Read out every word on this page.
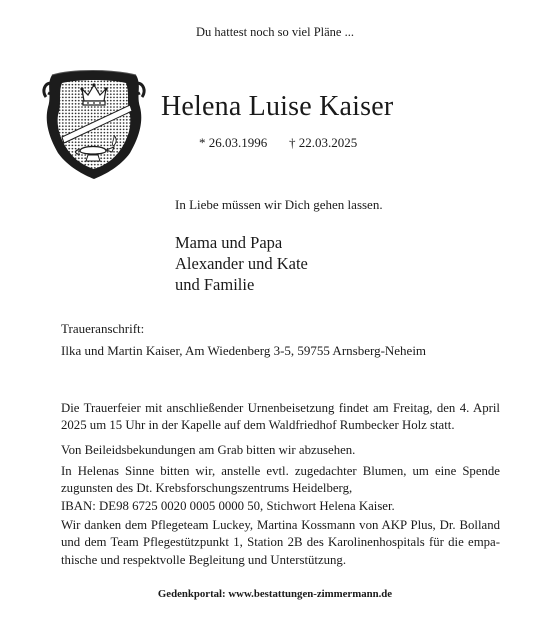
Du hattest noch so viel Pläne ...
Helena Luise Kaiser
* 26.03.1996 † 22.03.2025
In Liebe müssen wir Dich gehen lassen.
Mama und Papa
Alexander und Kate
und Familie
Traueranschrift:
Ilka und Martin Kaiser, Am Wiedenberg 3-5, 59755 Arnsberg-Neheim
Die Trauerfeier mit anschließender Urnenbeisetzung findet am Freitag, den 4. April
2025 um 15 Uhr in der Kapelle auf dem Waldfriedhof Rumbecker Holz statt.
Von Beileidsbekundungen am Grab bitten wir abzusehen.
In Helenas Sinne bitten wir, anstelle evtl. zugedachter Blumen, um eine Spende
zugunsten des Dt. Krebsforschungszentrums Heidelberg,
IBAN: DE98 6725 0020 0005 0000 50, Stichwort Helena Kaiser.
Wir danken dem Pflegeteam Luckey, Martina Kossmann von AKP Plus, Dr. Bolland
und dem Team Pflegestützpunkt 1, Station 2B des Karolinenhospitals für die empa-
thische und respektvolle Begleitung und Unterstützung.
Gedenkportal: www.bestattungen-zimmermann.de
